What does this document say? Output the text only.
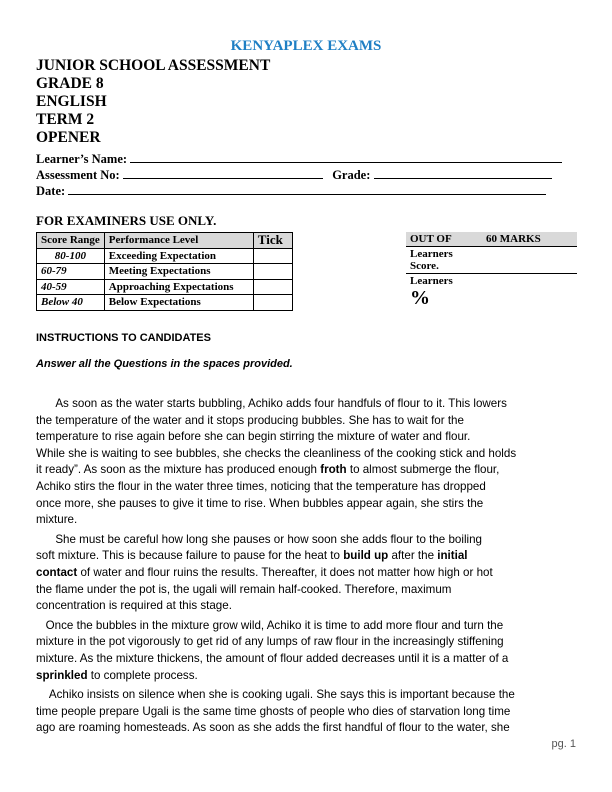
KENYAPLEX EXAMS
JUNIOR SCHOOL ASSESSMENT
GRADE 8
ENGLISH
TERM 2
OPENER
Learner’s Name:
Assessment No:	Grade:
Date:
FOR EXAMINERS USE ONLY.
Score Range	Performance Level	Tick
80-100	Exceeding Expectation	
60-79	Meeting Expectations	
40-59	Approaching Expectations	
Below 40	Below Expectations	
OUT OF	60 MARKS
Learners
Score.
Learners
%
INSTRUCTIONS TO CANDIDATES
Answer all the Questions in the spaces provided.
As soon as the water starts bubbling, Achiko adds four handfuls of flour to it. This lowers
the temperature of the water and it stops producing bubbles. She has to wait for the
temperature to rise again before she can begin stirring the mixture of water and flour.
While she is waiting to see bubbles, she checks the cleanliness of the cooking stick and holds
it ready”. As soon as the mixture has produced enough froth to almost submerge the flour,
Achiko stirs the flour in the water three times, noticing that the temperature has dropped
once more, she pauses to give it time to rise. When bubbles appear again, she stirs the
mixture.
She must be careful how long she pauses or how soon she adds flour to the boiling
soft mixture. This is because failure to pause for the heat to build up after the initial
contact of water and flour ruins the results. Thereafter, it does not matter how high or hot
the flame under the pot is, the ugali will remain half-cooked. Therefore, maximum
concentration is required at this stage.
Once the bubbles in the mixture grow wild, Achiko it is time to add more flour and turn the
mixture in the pot vigorously to get rid of any lumps of raw flour in the increasingly stiffening
mixture. As the mixture thickens, the amount of flour added decreases until it is a matter of a
sprinkled to complete process.
Achiko insists on silence when she is cooking ugali. She says this is important because the
time people prepare Ugali is the same time ghosts of people who dies of starvation long time
ago are roaming homesteads. As soon as she adds the first handful of flour to the water, she
pg. 1
